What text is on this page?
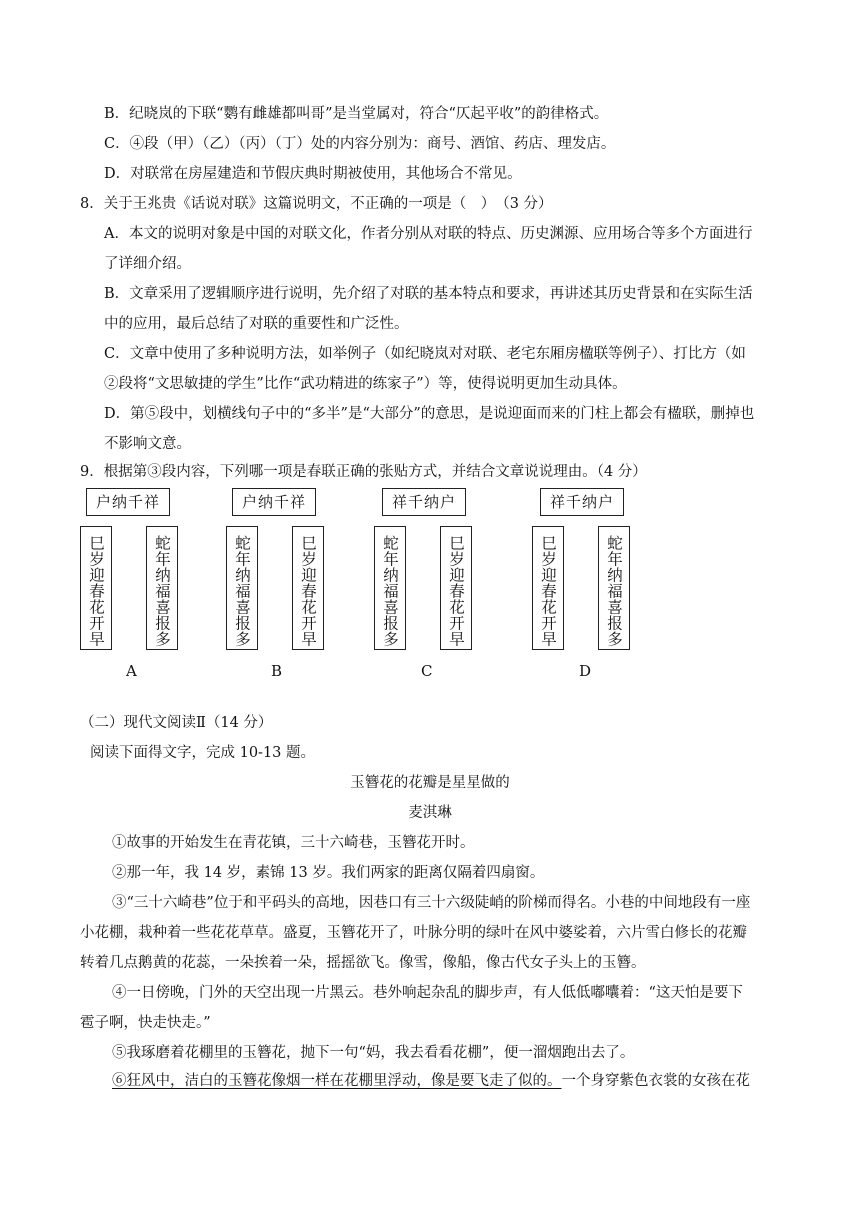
B．纪晓岚的下联“鹦有雌雄都叫哥”是当堂属对，符合“仄起平收”的韵律格式。
C．④段（甲）（乙）（丙）（丁）处的内容分别为：商号、酒馆、药店、理发店。
D．对联常在房屋建造和节假庆典时期被使用，其他场合不常见。
8．关于王兆贵《话说对联》这篇说明文，不正确的一项是（　）　（3 分）
A．本文的说明对象是中国的对联文化，作者分别从对联的特点、历史渊源、应用场合等多个方面进行
了详细介绍。
B．文章采用了逻辑顺序进行说明，先介绍了对联的基本特点和要求，再讲述其历史背景和在实际生活
中的应用，最后总结了对联的重要性和广泛性。
C．文章中使用了多种说明方法，如举例子（如纪晓岚对对联、老宅东厢房楹联等例子）、打比方（如
②段将“文思敏捷的学生”比作“武功精进的练家子”）等，使得说明更加生动具体。
D．第⑤段中，划横线句子中的“多半”是“大部分”的意思，是说迎面而来的门柱上都会有楹联，删掉也
不影响文意。
9．根据第③段内容，下列哪一项是春联正确的张贴方式，并结合文章说说理由。（4 分）
户纳千祥
巳岁迎春花开早	蛇年纳福喜报多
A
户纳千祥
蛇年纳福喜报多	巳岁迎春花开早
B
祥千纳户
蛇年纳福喜报多	巳岁迎春花开早
C
祥千纳户
巳岁迎春花开早	蛇年纳福喜报多
D
（二）现代文阅读Ⅱ（14 分）
阅读下面得文字，完成 10-13 题。
玉簪花的花瓣是星星做的
麦淇琳
①故事的开始发生在青花镇，三十六崎巷，玉簪花开时。
②那一年，我 14 岁，素锦 13 岁。我们两家的距离仅隔着四扇窗。
③“三十六崎巷”位于和平码头的高地，因巷口有三十六级陡峭的阶梯而得名。小巷的中间地段有一座
小花棚，栽种着一些花花草草。盛夏，玉簪花开了，叶脉分明的绿叶在风中婆娑着，六片雪白修长的花瓣
转着几点鹅黄的花蕊，一朵挨着一朵，摇摇欲飞。像雪，像船，像古代女子头上的玉簪。
④一日傍晚，门外的天空出现一片黑云。巷外响起杂乱的脚步声，有人低低嘟囔着：“这天怕是要下
雹子啊，快走快走。”
⑤我琢磨着花棚里的玉簪花，抛下一句“妈，我去看看花棚”，便一溜烟跑出去了。
⑥狂风中，洁白的玉簪花像烟一样在花棚里浮动，像是要飞走了似的。一个身穿紫色衣裳的女孩在花
